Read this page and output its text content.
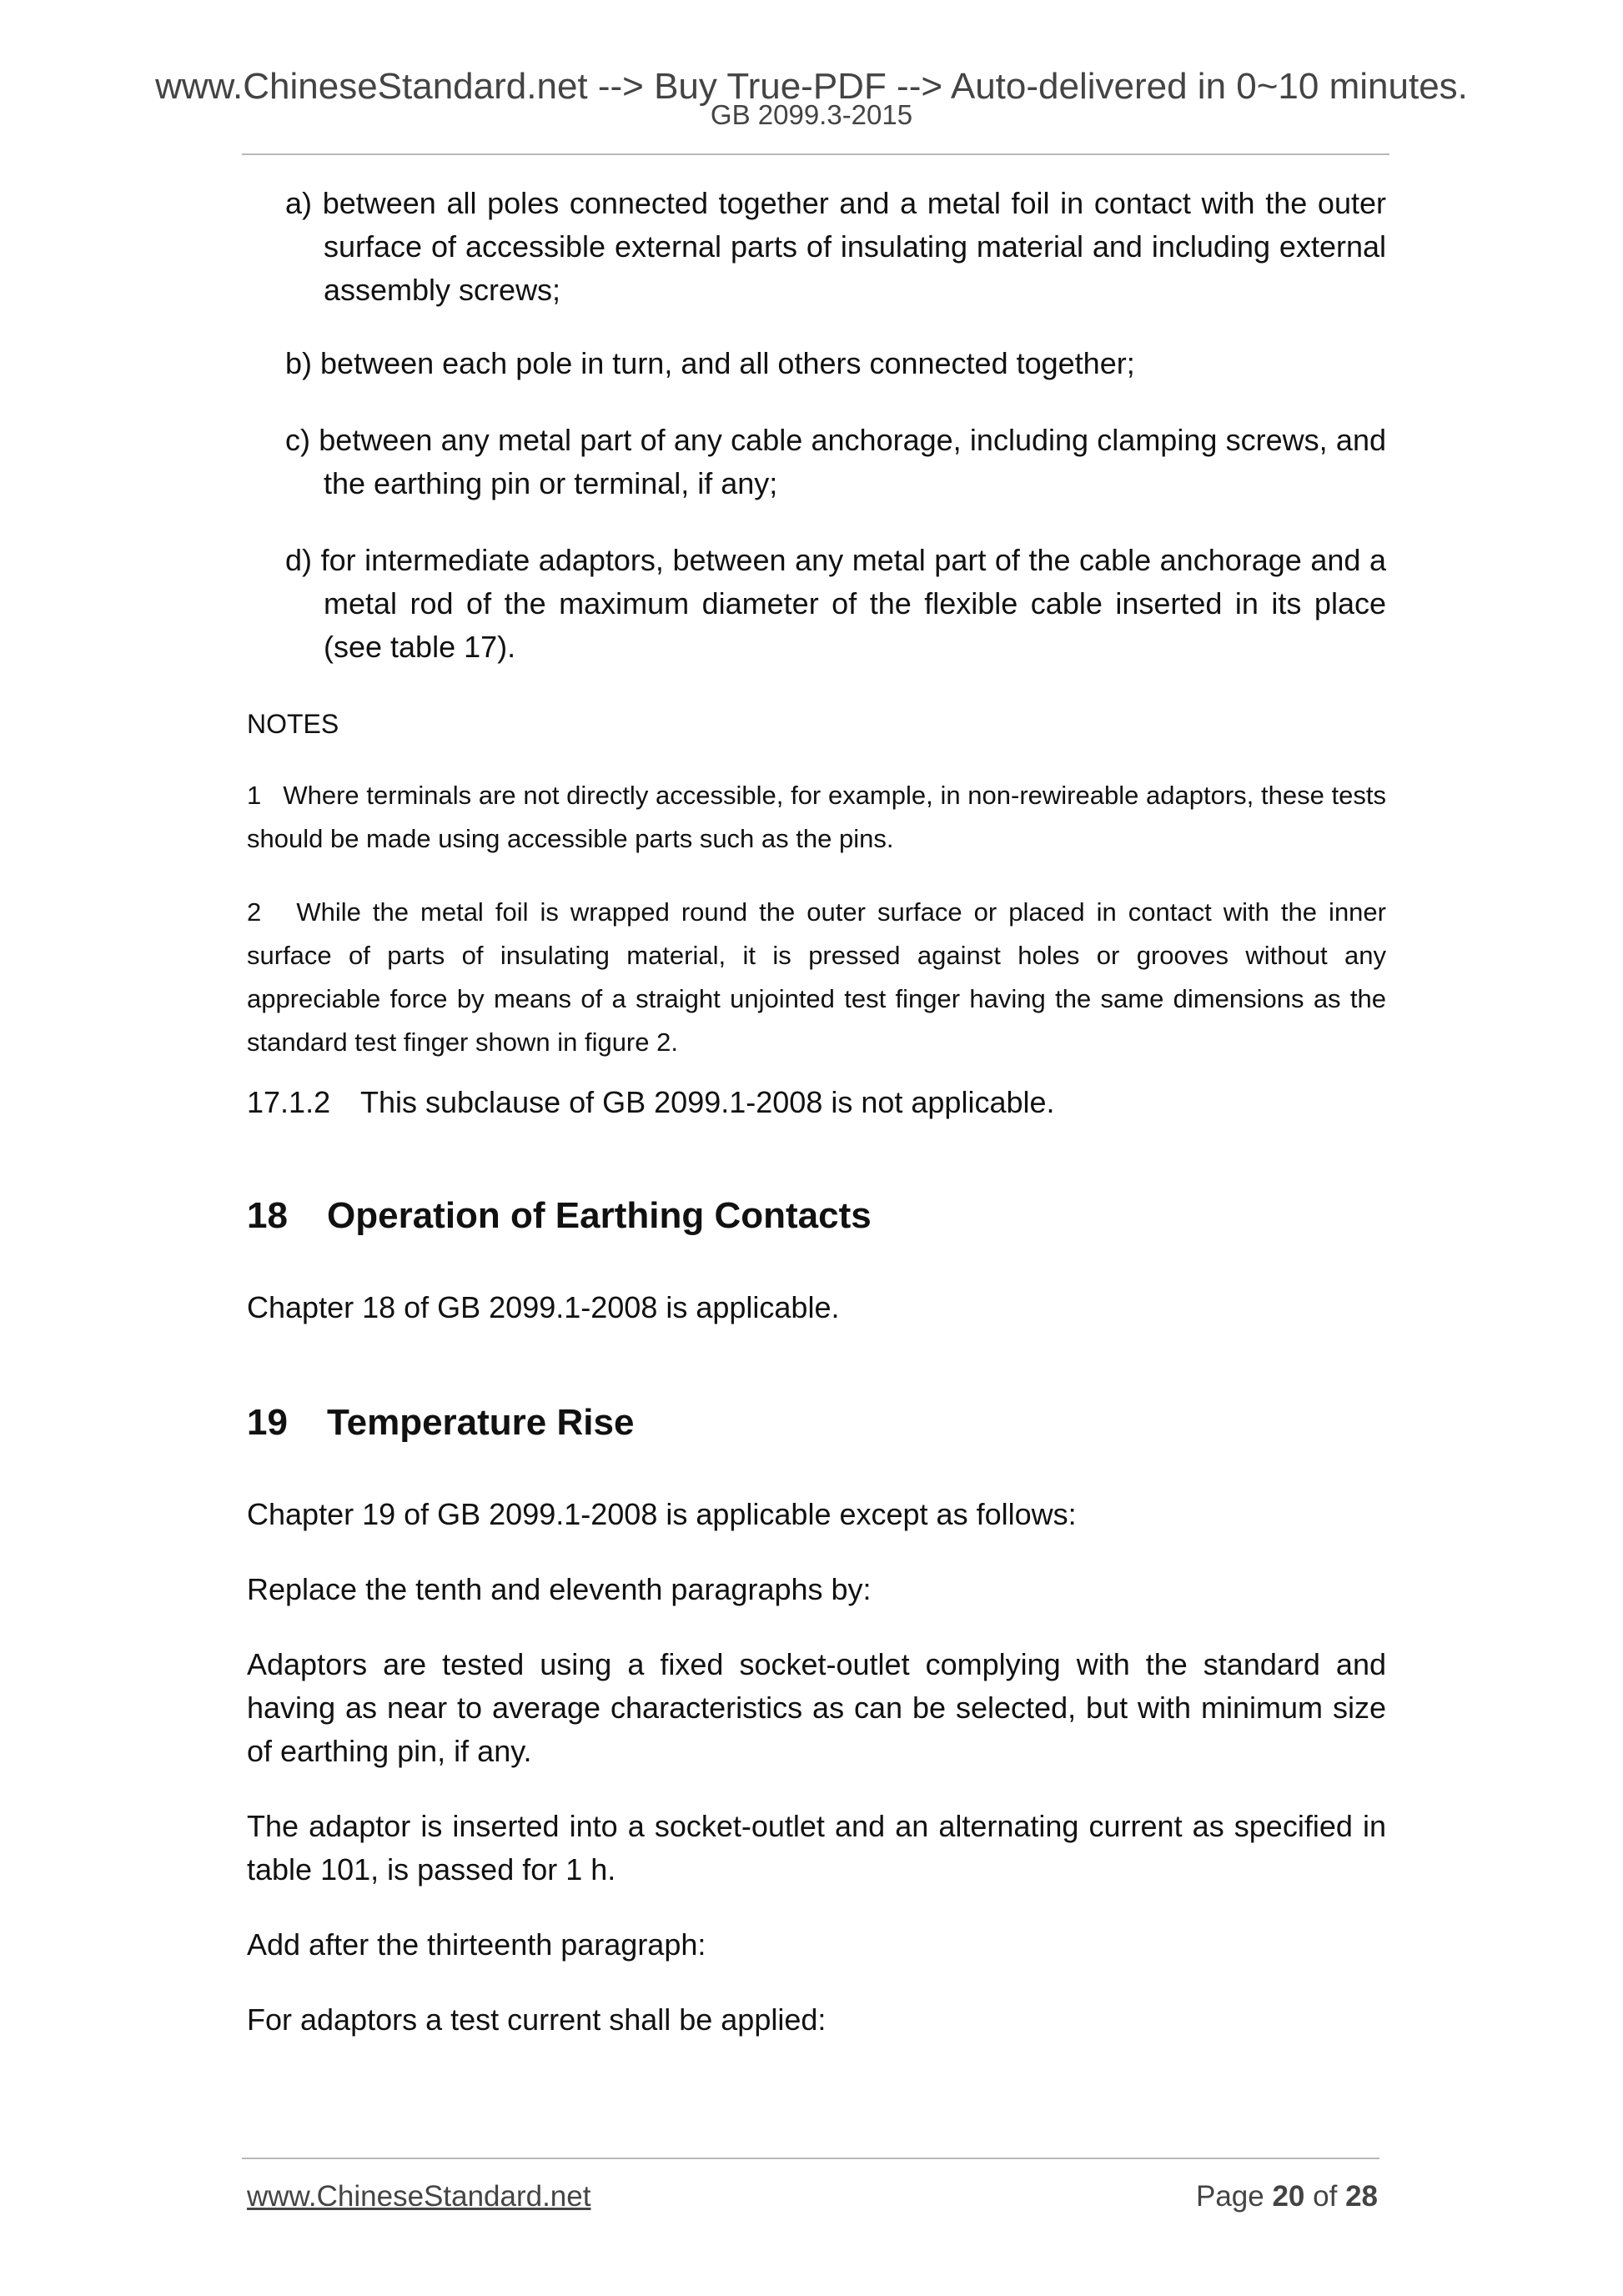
www.ChineseStandard.net --> Buy True-PDF --> Auto-delivered in 0~10 minutes.
GB 2099.3-2015

a) between all poles connected together and a metal foil in contact with the outer surface of accessible external parts of insulating material and including external assembly screws;

b) between each pole in turn, and all others connected together;

c) between any metal part of any cable anchorage, including clamping screws, and the earthing pin or terminal, if any;

d) for intermediate adaptors, between any metal part of the cable anchorage and a metal rod of the maximum diameter of the flexible cable inserted in its place (see table 17).

NOTES

1 Where terminals are not directly accessible, for example, in non-rewireable adaptors, these tests should be made using accessible parts such as the pins.

2 While the metal foil is wrapped round the outer surface or placed in contact with the inner surface of parts of insulating material, it is pressed against holes or grooves without any appreciable force by means of a straight unjointed test finger having the same dimensions as the standard test finger shown in figure 2.

17.1.2 This subclause of GB 2099.1-2008 is not applicable.

18 Operation of Earthing Contacts

Chapter 18 of GB 2099.1-2008 is applicable.

19 Temperature Rise

Chapter 19 of GB 2099.1-2008 is applicable except as follows:

Replace the tenth and eleventh paragraphs by:

Adaptors are tested using a fixed socket-outlet complying with the standard and having as near to average characteristics as can be selected, but with minimum size of earthing pin, if any.

The adaptor is inserted into a socket-outlet and an alternating current as specified in table 101, is passed for 1 h.

Add after the thirteenth paragraph:

For adaptors a test current shall be applied:

www.ChineseStandard.net	Page 20 of 28
